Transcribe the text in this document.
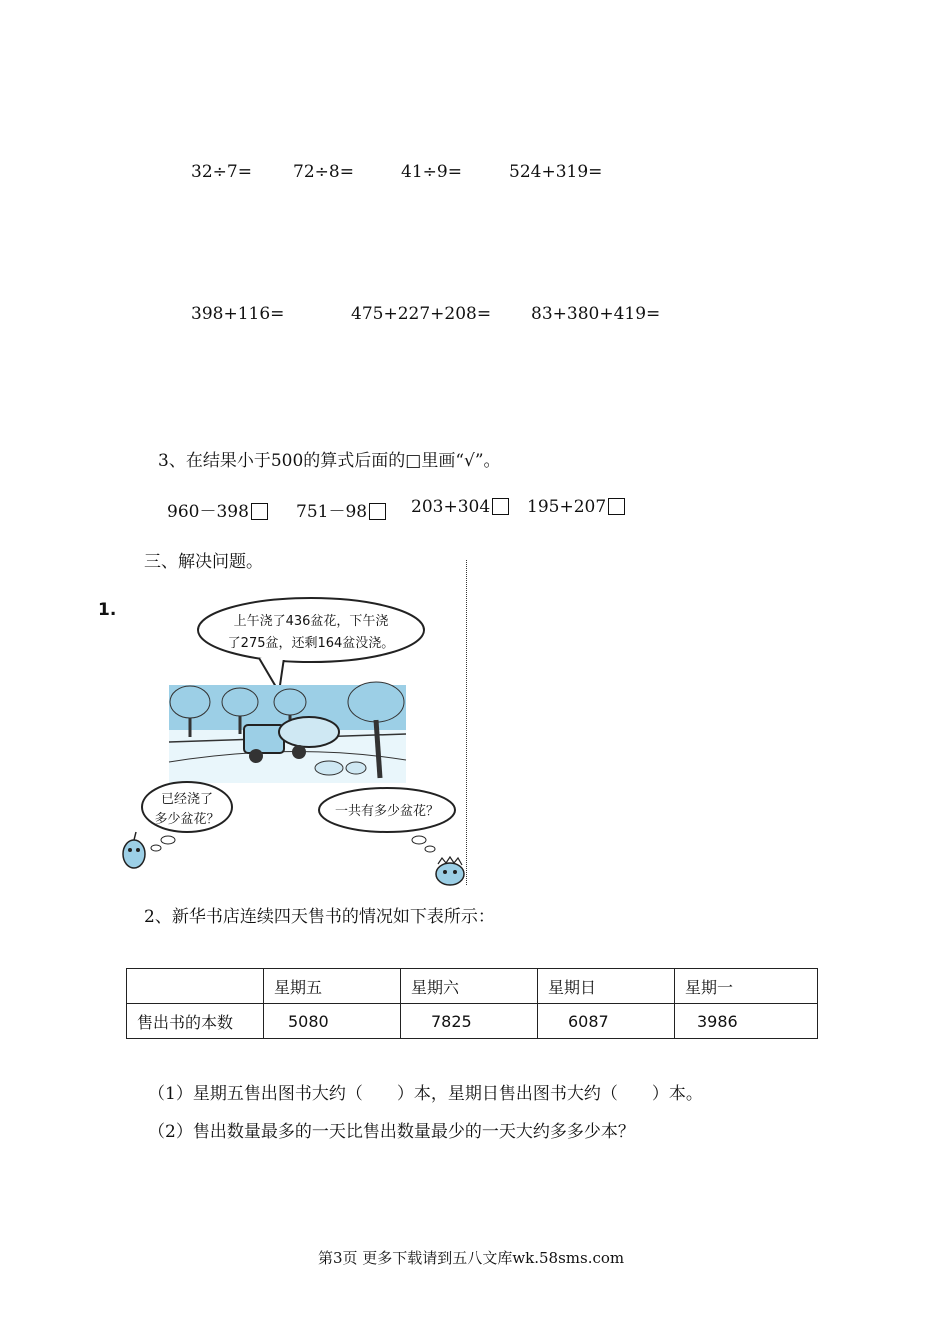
32÷7= 72÷8=	41÷9=	524+319=
398+116=	475+227+208= 83+380+419=
3、在结果小于500的算式后面的□里画“√”。
960－398	751－98	203+304	195+207
三、解决问题。
1.
上午浇了436盆花，下午浇
了275盆，还剩164盆没浇。
已经浇了
多少盆花？
一共有多少盆花？
2、新华书店连续四天售书的情况如下表所示：
	星期五	星期六	星期日	星期一
售出书的本数	5080	7825	6087	3986
（1）星期五售出图书大约（　　）本，星期日售出图书大约（　　）本。
（2）售出数量最多的一天比售出数量最少的一天大约多多少本？
第3页 更多下载请到五八文库wk.58sms.com
